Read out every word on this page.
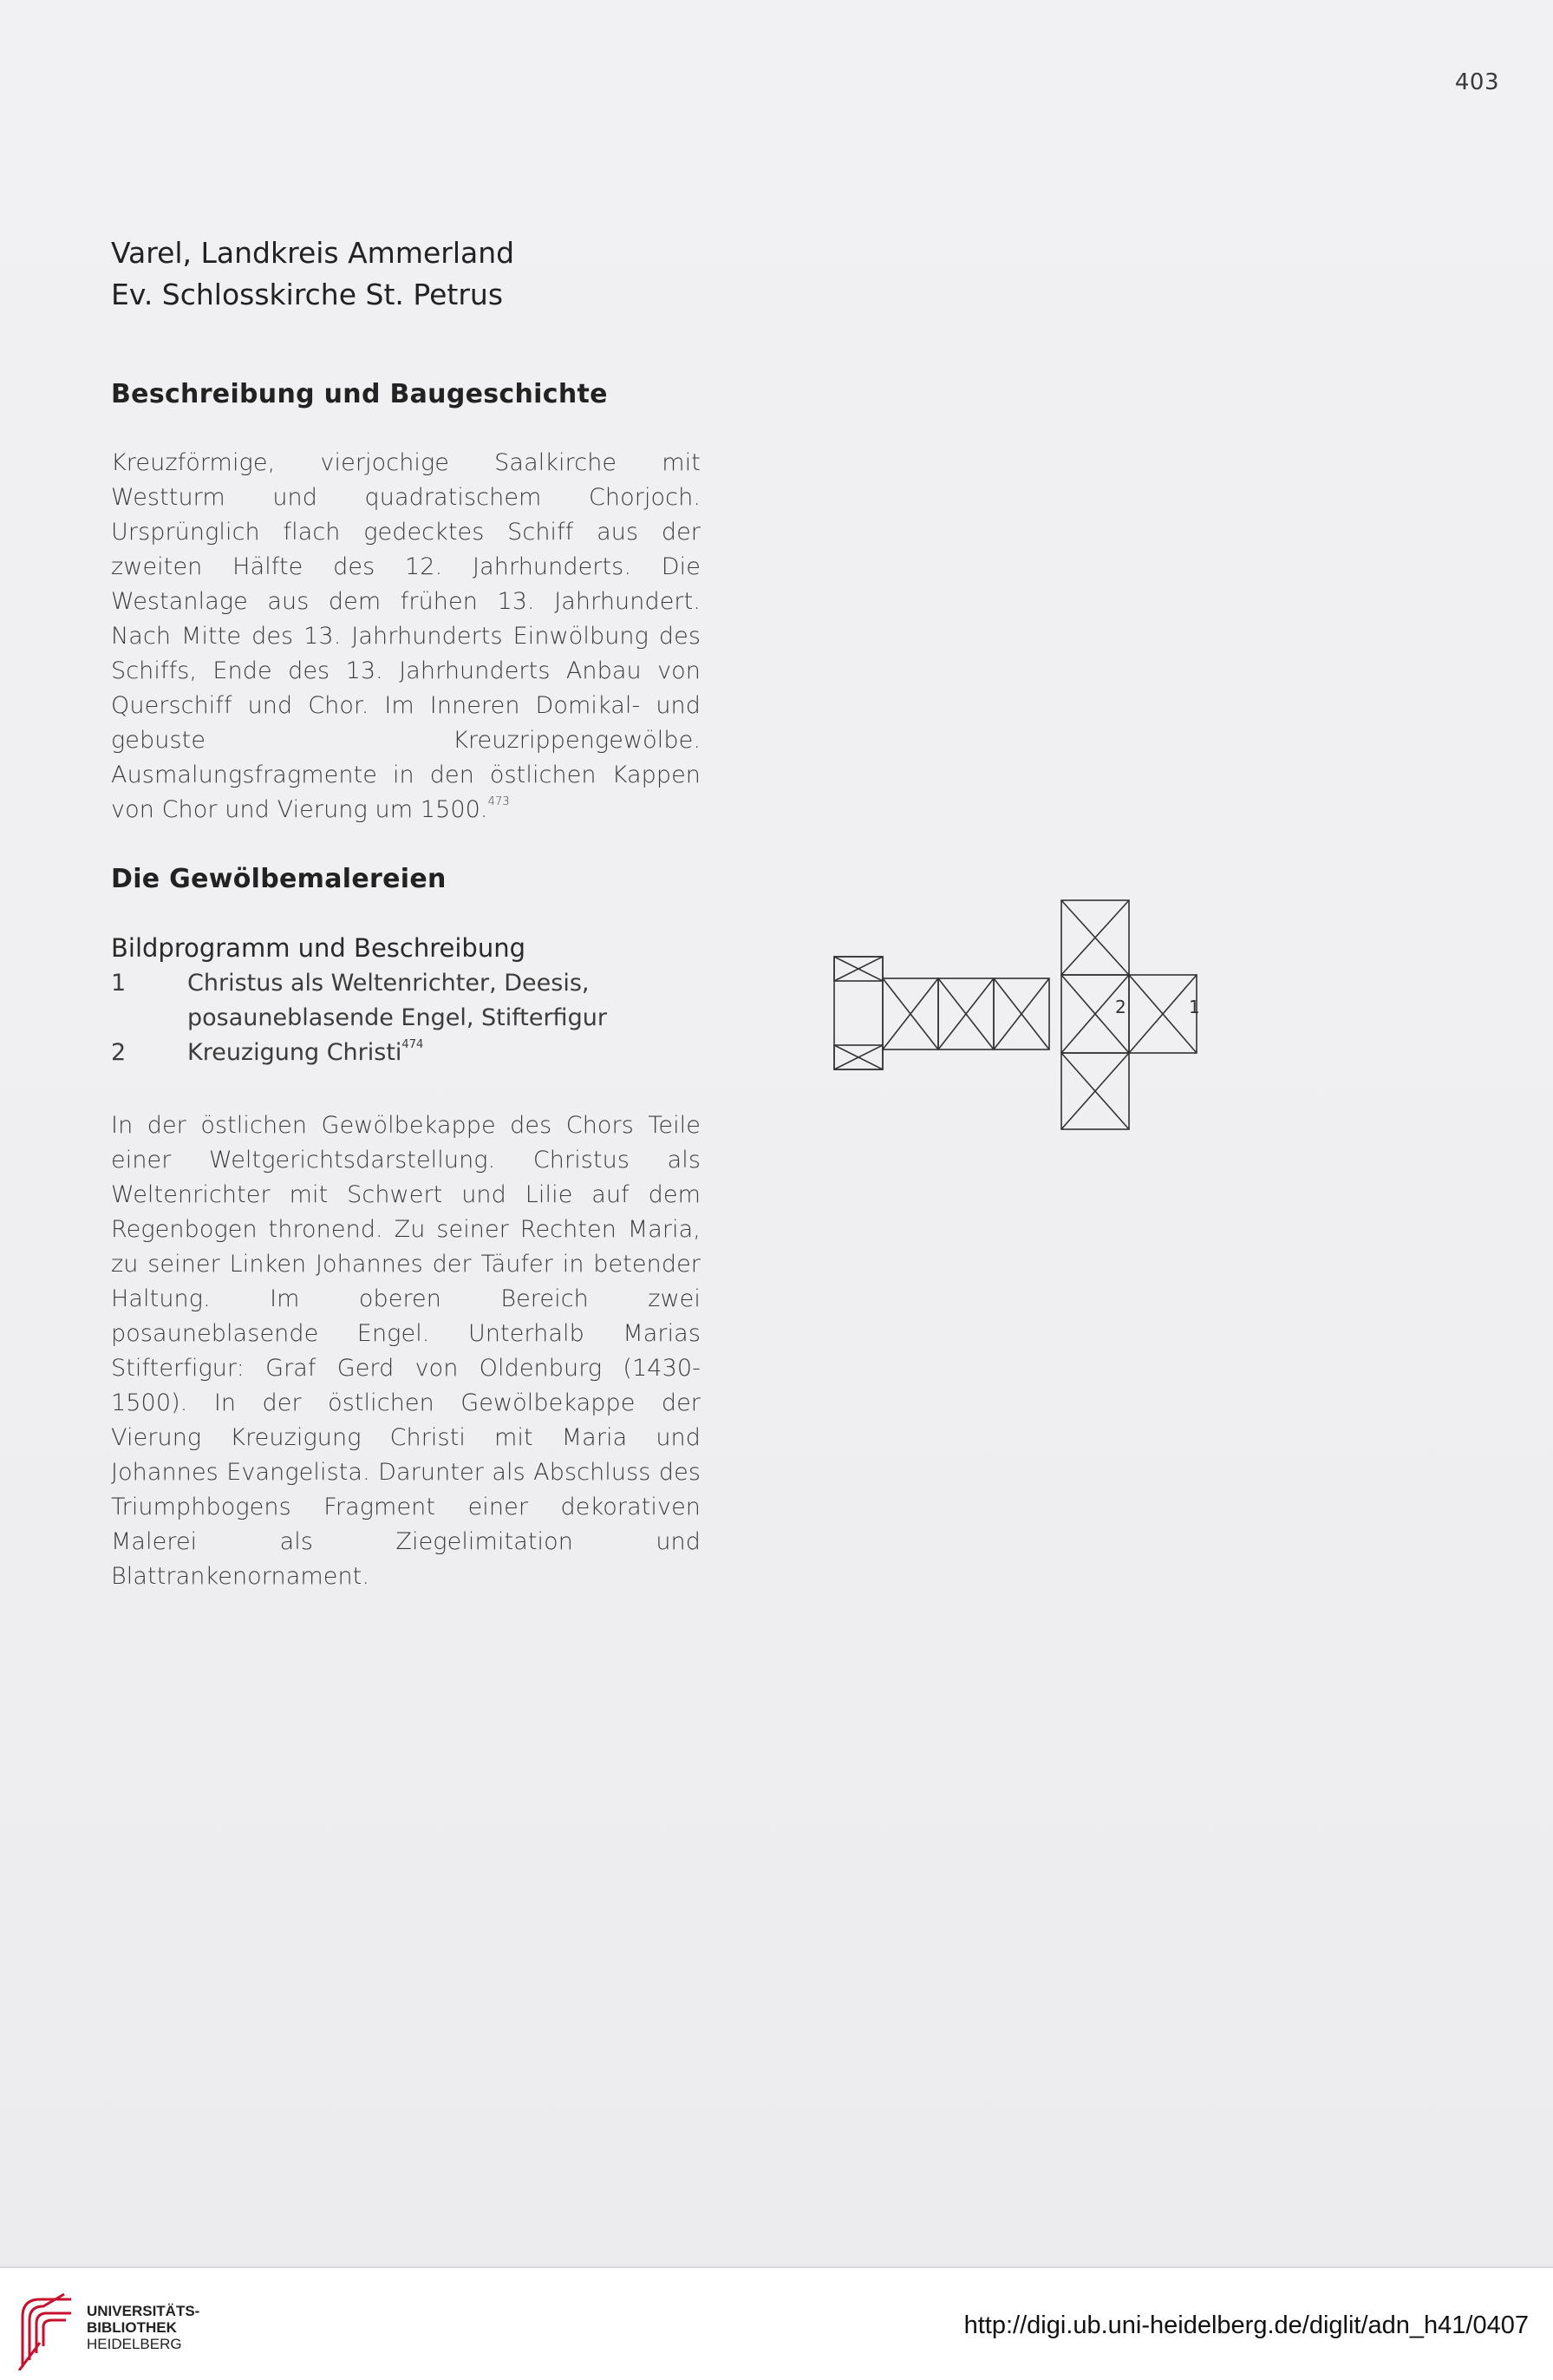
403
Varel, Landkreis Ammerland
Ev. Schlosskirche St. Petrus
Beschreibung und Baugeschichte
Kreuzförmige, vierjochige Saalkirche mit Westturm und quadratischem Chorjoch. Ursprünglich flach gedecktes Schiff aus der zweiten Hälfte des 12. Jahrhunderts. Die Westanlage aus dem frühen 13. Jahrhundert. Nach Mitte des 13. Jahrhunderts Einwölbung des Schiffs, Ende des 13. Jahrhunderts Anbau von Querschiff und Chor. Im Inneren Domikal- und gebuste Kreuzrippengewölbe. Ausmalungsfragmente in den östlichen Kappen von Chor und Vierung um 1500.$^{473}$
Die Gewölbemalereien
Bildprogramm und Beschreibung
1	Christus als Weltenrichter, Deesis, posauneblasende Engel, Stifterfigur
2	Kreuzigung Christi$^{474}$
In der östlichen Gewölbekappe des Chors Teile einer Weltgerichtsdarstellung. Christus als Weltenrichter mit Schwert und Lilie auf dem Regenbogen thronend. Zu seiner Rechten Maria, zu seiner Linken Johannes der Täufer in betender Haltung. Im oberen Bereich zwei posauneblasende Engel. Unterhalb Marias Stifterfigur: Graf Gerd von Oldenburg (1430-1500). In der östlichen Gewölbekappe der Vierung Kreuzigung Christi mit Maria und Johannes Evangelista. Darunter als Abschluss des Triumphbogens Fragment einer dekorativen Malerei als Ziegelimitation und Blattrankenornament.
2	1
UNIVERSITÄTS-
BIBLIOTHEK
HEIDELBERG
http://digi.ub.uni-heidelberg.de/diglit/adn_h41/0407
